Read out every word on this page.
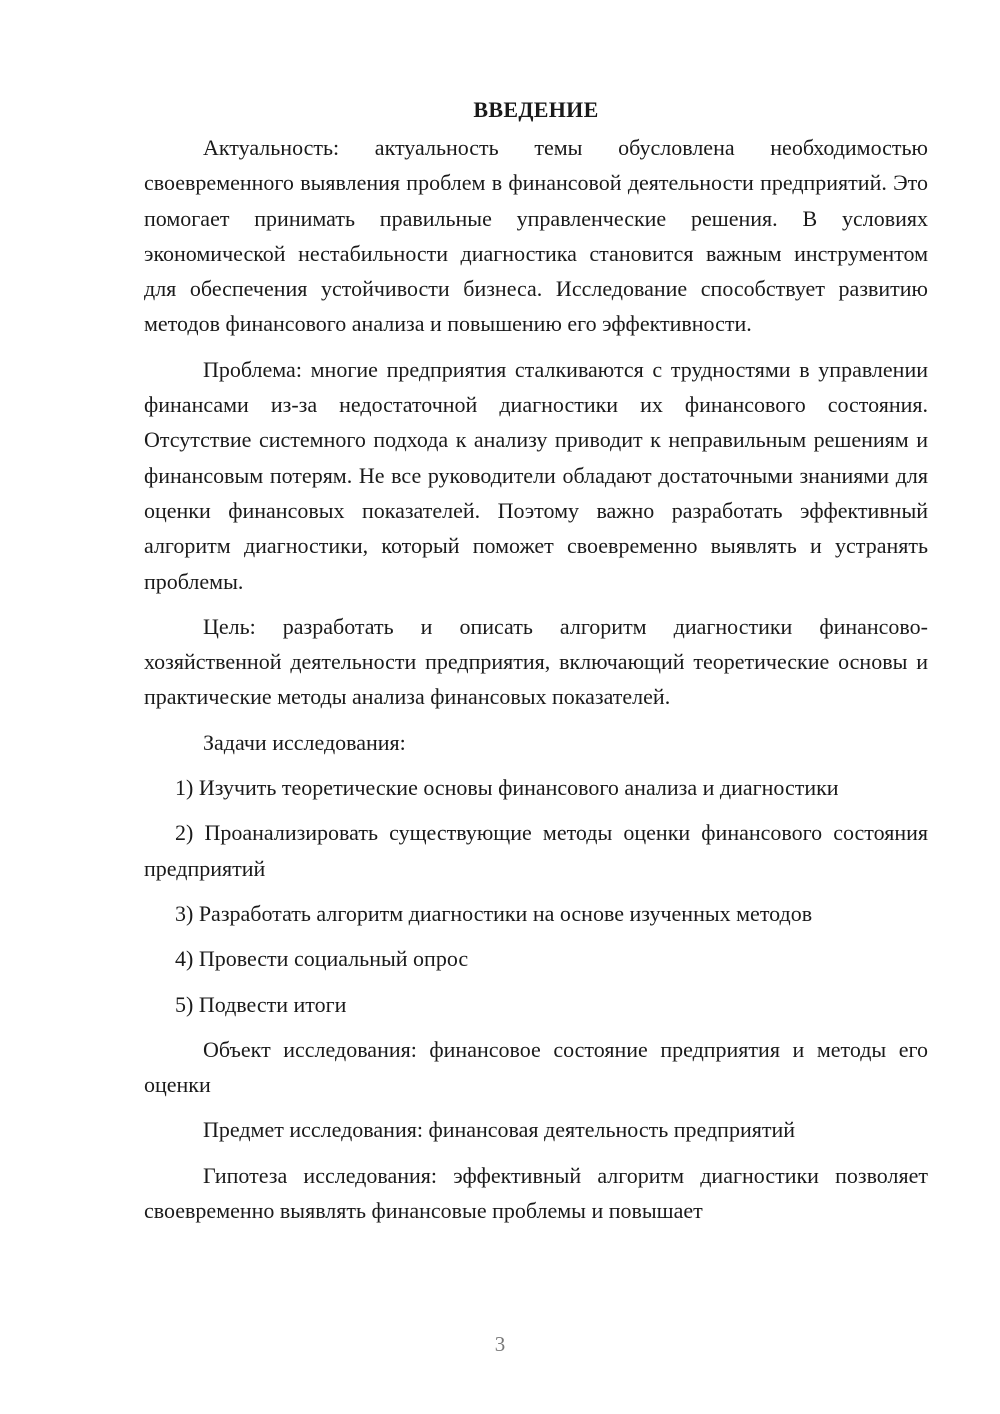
ВВЕДЕНИЕ

Актуальность: актуальность темы обусловлена необходимостью своевременного выявления проблем в финансовой деятельности предприятий. Это помогает принимать правильные управленческие решения. В условиях экономической нестабильности диагностика становится важным инструментом для обеспечения устойчивости бизнеса. Исследование способствует развитию методов финансового анализа и повышению его эффективности.

Проблема: многие предприятия сталкиваются с трудностями в управлении финансами из-за недостаточной диагностики их финансового состояния. Отсутствие системного подхода к анализу приводит к неправильным решениям и финансовым потерям. Не все руководители обладают достаточными знаниями для оценки финансовых показателей. Поэтому важно разработать эффективный алгоритм диагностики, который поможет своевременно выявлять и устранять проблемы.

Цель: разработать и описать алгоритм диагностики финансово-хозяйственной деятельности предприятия, включающий теоретические основы и практические методы анализа финансовых показателей.

Задачи исследования:

1) Изучить теоретические основы финансового анализа и диагностики

2) Проанализировать существующие методы оценки финансового состояния предприятий

3) Разработать алгоритм диагностики на основе изученных методов

4) Провести социальный опрос

5) Подвести итоги

Объект исследования: финансовое состояние предприятия и методы его оценки

Предмет исследования: финансовая деятельность предприятий

Гипотеза исследования: эффективный алгоритм диагностики позволяет своевременно выявлять финансовые проблемы и повышает

3
